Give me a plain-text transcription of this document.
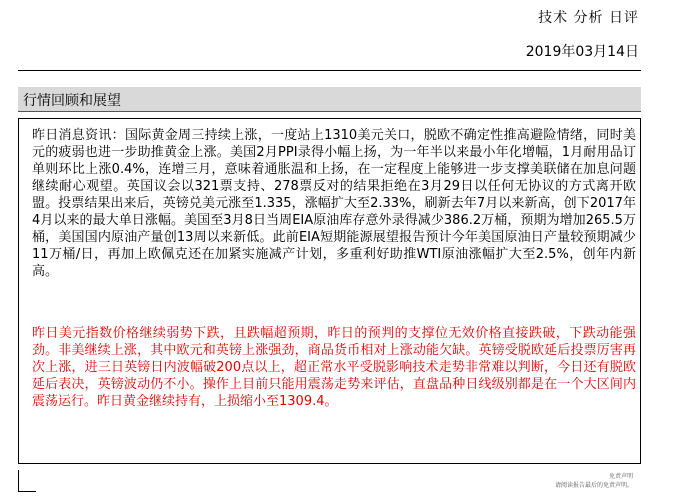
技术 分析 日评
2019年03月14日
行情回顾和展望

昨日消息资讯：国际黄金周三持续上涨，一度站上1310美元关口，脱欧不确定性推高避险情绪，同时美元的疲弱也进一步助推黄金上涨。美国2月PPI录得小幅上扬，为一年半以来最小年化增幅，1月耐用品订单则环比上涨0.4%，连增三月，意味着通胀温和上扬，在一定程度上能够进一步支撑美联储在加息问题继续耐心观望。英国议会以321票支持、278票反对的结果拒绝在3月29日以任何无协议的方式离开欧盟。投票结果出来后，英镑兑美元涨至1.335，涨幅扩大至2.33%，刷新去年7月以来新高，创下2017年4月以来的最大单日涨幅。美国至3月8日当周EIA原油库存意外录得减少386.2万桶，预期为增加265.5万桶，美国国内原油产量创13周以来新低。此前EIA短期能源展望报告预计今年美国原油日产量较预期减少11万桶/日，再加上欧佩克还在加紧实施减产计划，多重利好助推WTI原油涨幅扩大至2.5%，创年内新高。

昨日美元指数价格继续弱势下跌，且跌幅超预期，昨日的预判的支撑位无效价格直接跌破，下跌动能强劲。非美继续上涨，其中欧元和英镑上涨强劲，商品货币相对上涨动能欠缺。英镑受脱欧延后投票厉害再次上涨，进三日英镑日内波幅破200点以上，超正常水平受脱影响技术走势非常难以判断，今日还有脱欧延后表决，英镑波动仍不小。操作上目前只能用震荡走势来评估，直盘品种日线级别都是在一个大区间内震荡运行。昨日黄金继续持有，上损缩小至1309.4。

免责声明
请阅读报告最后的免责声明。
